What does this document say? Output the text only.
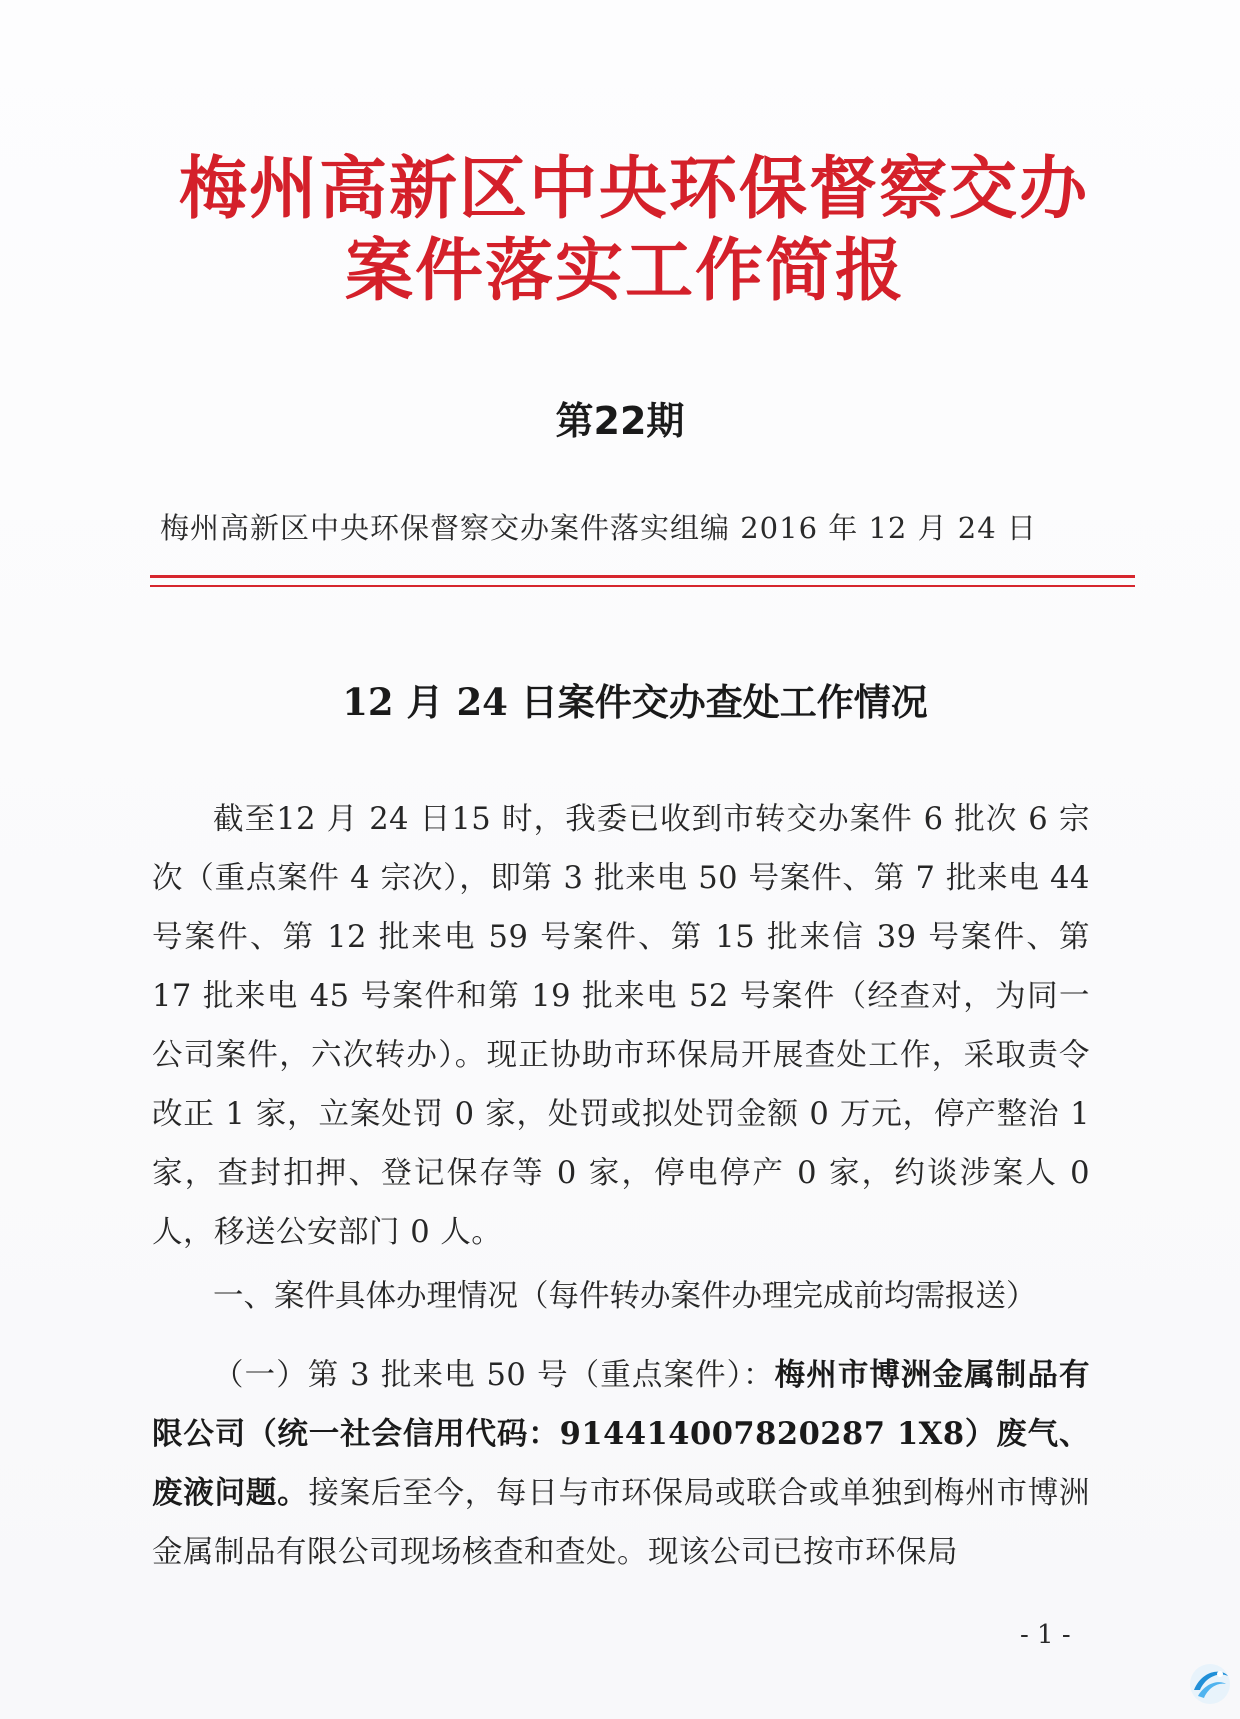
梅州高新区中央环保督察交办
案件落实工作简报
第22期
梅州高新区中央环保督察交办案件落实组编 2016 年 12 月 24 日
12 月 24 日案件交办查处工作情况
截至12 月 24 日15 时，我委已收到市转交办案件 6 批次 6 宗次（重点案件 4 宗次），即第 3 批来电 50 号案件、第 7 批来电 44 号案件、第 12 批来电 59 号案件、第 15 批来信 39 号案件、第 17 批来电 45 号案件和第 19 批来电 52 号案件（经查对，为同一公司案件，六次转办）。现正协助市环保局开展查处工作，采取责令改正 1 家，立案处罚 0 家，处罚或拟处罚金额 0 万元，停产整治 1 家，查封扣押、登记保存等 0 家，停电停产 0 家，约谈涉案人 0 人，移送公安部门 0 人。
一、案件具体办理情况（每件转办案件办理完成前均需报送）
（一）第 3 批来电 50 号（重点案件）：梅州市博洲金属制品有限公司（统一社会信用代码：914414007820287 1X8）废气、废液问题。接案后至今，每日与市环保局或联合或单独到梅州市博洲金属制品有限公司现场核查和查处。现该公司已按市环保局
- 1 -
